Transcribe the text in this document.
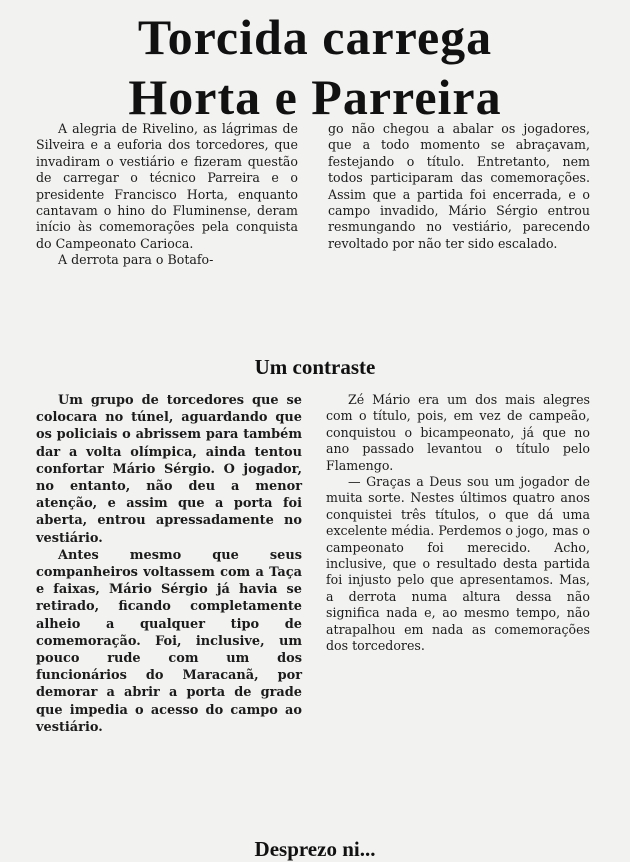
Torcida carrega
Horta e Parreira

A alegria de Rivelino, as lágrimas de Silveira e a euforia dos torcedores, que invadiram o vestiário e fizeram questão de carregar o técnico Parreira e o presidente Francisco Horta, enquanto cantavam o hino do Fluminense, deram início às comemorações pela conquista do Campeonato Carioca.

A derrota para o Botafo-

go não chegou a abalar os jogadores, que a todo momento se abraçavam, festejando o título. Entretanto, nem todos participaram das comemorações. Assim que a partida foi encerrada, e o campo invadido, Mário Sérgio entrou resmungando no vestiário, parecendo revoltado por não ter sido escalado.

Um contraste

Um grupo de torcedores que se colocara no túnel, aguardando que os policiais o abrissem para também dar a volta olímpica, ainda tentou confortar Mário Sérgio. O jogador, no entanto, não deu a menor atenção, e assim que a porta foi aberta, entrou apressadamente no vestiário.

Antes mesmo que seus companheiros voltassem com a Taça e faixas, Mário Sérgio já havia se retirado, ficando completamente alheio a qualquer tipo de comemoração. Foi, inclusive, um pouco rude com um dos funcionários do Maracanã, por demorar a abrir a porta de grade que impedia o acesso do campo ao vestiário.

Zé Mário era um dos mais alegres com o título, pois, em vez de campeão, conquistou o bicampeonato, já que no ano passado levantou o título pelo Flamengo.

— Graças a Deus sou um jogador de muita sorte. Nestes últimos quatro anos conquistei três títulos, o que dá uma excelente média. Perdemos o jogo, mas o campeonato foi merecido. Acho, inclusive, que o resultado desta partida foi injusto pelo que apresentamos. Mas, a derrota numa altura dessa não significa nada e, ao mesmo tempo, não atrapalhou em nada as comemorações dos torcedores.

Desprezo ni...
